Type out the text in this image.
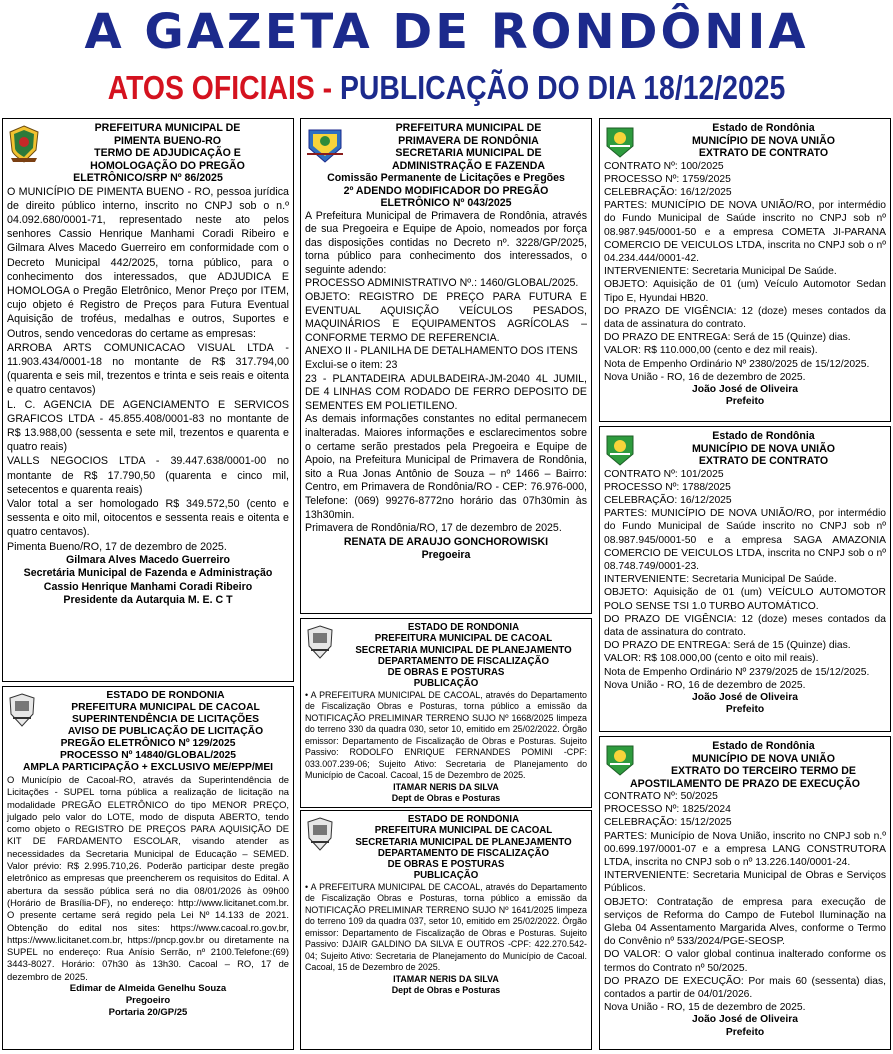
A GAZETA DE RONDÔNIA
ATOS OFICIAIS - PUBLICAÇÃO DO DIA 18/12/2025
PREFEITURA MUNICIPAL DE
PIMENTA BUENO-RO
TERMO DE ADJUDICAÇÃO E
HOMOLOGAÇÃO DO PREGÃO
ELETRÔNICO/SRP Nº 86/2025

O MUNICÍPIO DE PIMENTA BUENO - RO, pessoa jurídica de direito público interno, inscrito no CNPJ sob o n.º 04.092.680/0001-71, representado neste ato pelos senhores Cassio Henrique Manhami Coradi Ribeiro e Gilmara Alves Macedo Guerreiro em conformidade com o Decreto Municipal 442/2025, torna público, para o conhecimento dos interessados, que ADJUDICA E HOMOLOGA o Pregão Eletrônico, Menor Preço por ITEM, cujo objeto é Registro de Preços para Futura Eventual Aquisição de troféus, medalhas e outros, Suportes e Outros, sendo vencedoras do certame as empresas:

ARROBA ARTS COMUNICACAO VISUAL LTDA - 11.903.434/0001-18 no montante de R$ 317.794,00 (quarenta e seis mil, trezentos e trinta e seis reais e oitenta e quatro centavos)

L. C. AGENCIA DE AGENCIAMENTO E SERVICOS GRAFICOS LTDA - 45.855.408/0001-83 no montante de R$ 13.988,00 (sessenta e sete mil, trezentos e quarenta e quatro reais)

VALLS NEGOCIOS LTDA - 39.447.638/0001-00 no montante de R$ 17.790,50 (quarenta e cinco mil, setecentos e quarenta reais)

Valor total a ser homologado R$ 349.572,50 (cento e sessenta e oito mil, oitocentos e sessenta reais e oitenta e quatro centavos).

Pimenta Bueno/RO, 17 de dezembro de 2025.

Gilmara Alves Macedo Guerreiro
Secretária Municipal de Fazenda e Administração
Cassio Henrique Manhami Coradi Ribeiro
Presidente da Autarquia M. E. C T
ESTADO DE RONDÔNIA
PREFEITURA MUNICIPAL DE CACOAL
SUPERINTENDÊNCIA DE LICITAÇÕES
AVISO DE PUBLICAÇÃO DE LICITAÇÃO
PREGÃO ELETRÔNICO Nº 129/2025
PROCESSO Nº 14840/GLOBAL/2025
AMPLA PARTICIPAÇÃO + EXCLUSIVO ME/EPP/MEI
O Município de Cacoal-RO, através da Superintendência de Licitações - SUPEL torna pública a realização de licitação na modalidade PREGÃO ELETRÔNICO do tipo MENOR PREÇO, julgado pelo valor do LOTE, modo de disputa ABERTO, tendo como objeto o REGISTRO DE PREÇOS PARA AQUISIÇÃO DE KIT DE FARDAMENTO ESCOLAR, visando atender as necessidades da Secretaria Municipal de Educação – SEMED. Valor prévio: R$ 2.995.710,26. Poderão participar deste pregão eletrônico as empresas que preencherem os requisitos do Edital. A abertura da sessão pública será no dia 08/01/2026 às 09h00 (Horário de Brasília-DF), no endereço: http://www.licitanet.com.br. O presente certame será regido pela Lei Nº 14.133 de 2021. Obtenção do edital nos sites: https://www.cacoal.ro.gov.br, https://www.licitanet.com.br, https://pncp.gov.br ou diretamente na SUPEL no endereço: Rua Anísio Serrão, nº 2100.Telefone:(69) 3443-8027. Horário: 07h30 às 13h30. Cacoal – RO, 17 de dezembro de 2025.
Edimar de Almeida Genelhu Souza
Pregoeiro
Portaria 20/GP/25
PREFEITURA MUNICIPAL DE
PRIMAVERA DE RONDÔNIA
SECRETARIA MUNICIPAL DE
ADMINISTRAÇÃO E FAZENDA
Comissão Permanente de Licitações e Pregões
2º ADENDO MODIFICADOR DO PREGÃO
ELETRÔNICO Nº 043/2025

A Prefeitura Municipal de Primavera de Rondônia, através de sua Pregoeira e Equipe de Apoio, nomeados por força das disposições contidas no Decreto nº. 3228/GP/2025, torna público para conhecimento dos interessados, o seguinte adendo:

PROCESSO ADMINISTRATIVO Nº.: 1460/GLOBAL/2025.

OBJETO: REGISTRO DE PREÇO PARA FUTURA E EVENTUAL AQUISIÇÃO VEÍCULOS PESADOS, MAQUINÁRIOS E EQUIPAMENTOS AGRÍCOLAS – CONFORME TERMO DE REFERENCIA.

ANEXO II - PLANILHA DE DETALHAMENTO DOS ITENS

Exclui-se o item: 23

23 - PLANTADEIRA ADULBADEIRA-JM-2040 4L JUMIL, DE 4 LINHAS COM RODADO DE FERRO DEPOSITO DE SEMENTES EM POLIETILENO.

As demais informações constantes no edital permanecem inalteradas. Maiores informações e esclarecimentos sobre o certame serão prestados pela Pregoeira e Equipe de Apoio, na Prefeitura Municipal de Primavera de Rondônia, sito a Rua Jonas Antônio de Souza – nº 1466 – Bairro: Centro, em Primavera de Rondônia/RO - CEP: 76.976-000, Telefone: (069) 99276-8772no horário das 07h30min às 13h30min.

Primavera de Rondônia/RO, 17 de dezembro de 2025.

RENATA DE ARAUJO GONCHOROWISKI
Pregoeira
ESTADO DE RONDÔNIA
PREFEITURA MUNICIPAL DE CACOAL
SECRETARIA MUNICIPAL DE PLANEJAMENTO
DEPARTAMENTO DE FISCALIZAÇÃO
DE OBRAS E POSTURAS
PUBLICAÇÃO
• A PREFEITURA MUNICIPAL DE CACOAL, através do Departamento de Fiscalização Obras e Posturas, torna público a emissão da NOTIFICAÇÃO PRELIMINAR TERRENO SUJO Nº 1668/2025 limpeza do terreno 330 da quadra 030, setor 10, emitido em 25/02/2022. Órgão emissor: Departamento de Fiscalização de Obras e Posturas. Sujeito Passivo: RODOLFO ENRIQUE FERNANDES POMINI -CPF: 033.007.239-06; Sujeito Ativo: Secretaria de Planejamento do Município de Cacoal. Cacoal, 15 de Dezembro de 2025.
ITAMAR NERIS DA SILVA
Dept de Obras e Posturas
ESTADO DE RONDÔNIA
PREFEITURA MUNICIPAL DE CACOAL
SECRETARIA MUNICIPAL DE PLANEJAMENTO
DEPARTAMENTO DE FISCALIZAÇÃO
DE OBRAS E POSTURAS
PUBLICAÇÃO
• A PREFEITURA MUNICIPAL DE CACOAL, através do Departamento de Fiscalização Obras e Posturas, torna público a emissão da NOTIFICAÇÃO PRELIMINAR TERRENO SUJO Nº 1641/2025 limpeza do terreno 109 da quadra 037, setor 10, emitido em 25/02/2022. Órgão emissor: Departamento de Fiscalização de Obras e Posturas. Sujeito Passivo: DJAIR GALDINO DA SILVA E OUTROS -CPF: 422.270.542-04; Sujeito Ativo: Secretaria de Planejamento do Município de Cacoal. Cacoal, 15 de Dezembro de 2025.
ITAMAR NERIS DA SILVA
Dept de Obras e Posturas
Estado de Rondônia
MUNICÍPIO DE NOVA UNIÃO
EXTRATO DE CONTRATO

CONTRATO Nº: 100/2025

PROCESSO Nº: 1759/2025

CELEBRAÇÃO: 16/12/2025

PARTES: MUNICÍPIO DE NOVA UNIÃO/RO, por intermédio do Fundo Municipal de Saúde inscrito no CNPJ sob nº 08.987.945/0001-50 e a empresa COMETA JI-PARANA COMERCIO DE VEICULOS LTDA, inscrita no CNPJ sob o nº 04.234.444/0001-42.

INTERVENIENTE: Secretaria Municipal De Saúde.

OBJETO: Aquisição de 01 (um) Veículo Automotor Sedan Tipo E, Hyundai HB20.

DO PRAZO DE VIGÊNCIA: 12 (doze) meses contados da data de assinatura do contrato.

DO PRAZO DE ENTREGA: Será de 15 (Quinze) dias.

VALOR: R$ 110.000,00 (cento e dez mil reais).

Nota de Empenho Ordinário Nº 2380/2025 de 15/12/2025.

Nova União - RO, 16 de dezembro de 2025.

João José de Oliveira
Prefeito
Estado de Rondônia
MUNICÍPIO DE NOVA UNIÃO
EXTRATO DE CONTRATO

CONTRATO Nº: 101/2025

PROCESSO Nº: 1788/2025

CELEBRAÇÃO: 16/12/2025

PARTES: MUNICÍPIO DE NOVA UNIÃO/RO, por intermédio do Fundo Municipal de Saúde inscrito no CNPJ sob nº 08.987.945/0001-50 e a empresa SAGA AMAZONIA COMERCIO DE VEICULOS LTDA, inscrita no CNPJ sob o nº 08.748.749/0001-23.

INTERVENIENTE: Secretaria Municipal De Saúde.

OBJETO: Aquisição de 01 (um) VEÍCULO AUTOMOTOR POLO SENSE TSI 1.0 TURBO AUTOMÁTICO.

DO PRAZO DE VIGÊNCIA: 12 (doze) meses contados da data de assinatura do contrato.

DO PRAZO DE ENTREGA: Será de 15 (Quinze) dias.

VALOR: R$ 108.000,00 (cento e oito mil reais).

Nota de Empenho Ordinário Nº 2379/2025 de 15/12/2025.

Nova União - RO, 16 de dezembro de 2025.

João José de Oliveira
Prefeito
Estado de Rondônia
MUNICÍPIO DE NOVA UNIÃO
EXTRATO DO TERCEIRO TERMO DE
APOSTILAMENTO DE PRAZO DE EXECUÇÃO

CONTRATO Nº: 50/2025

PROCESSO Nº: 1825/2024

CELEBRAÇÃO: 15/12/2025

PARTES: Município de Nova União, inscrito no CNPJ sob n.º 00.699.197/0001-07 e a empresa LANG CONSTRUTORA LTDA, inscrita no CNPJ sob o nº 13.226.140/0001-24.

INTERVENIENTE: Secretaria Municipal de Obras e Serviços Públicos.

OBJETO: Contratação de empresa para execução de serviços de Reforma do Campo de Futebol Iluminação na Gleba 04 Assentamento Margarida Alves, conforme o Termo do Convênio nº 533/2024/PGE-SEOSP.

DO VALOR: O valor global continua inalterado conforme os termos do Contrato nº 50/2025.

DO PRAZO DE EXECUÇÃO: Por mais 60 (sessenta) dias, contados a partir de 04/01/2026.

Nova União - RO, 15 de dezembro de 2025.

João José de Oliveira
Prefeito
